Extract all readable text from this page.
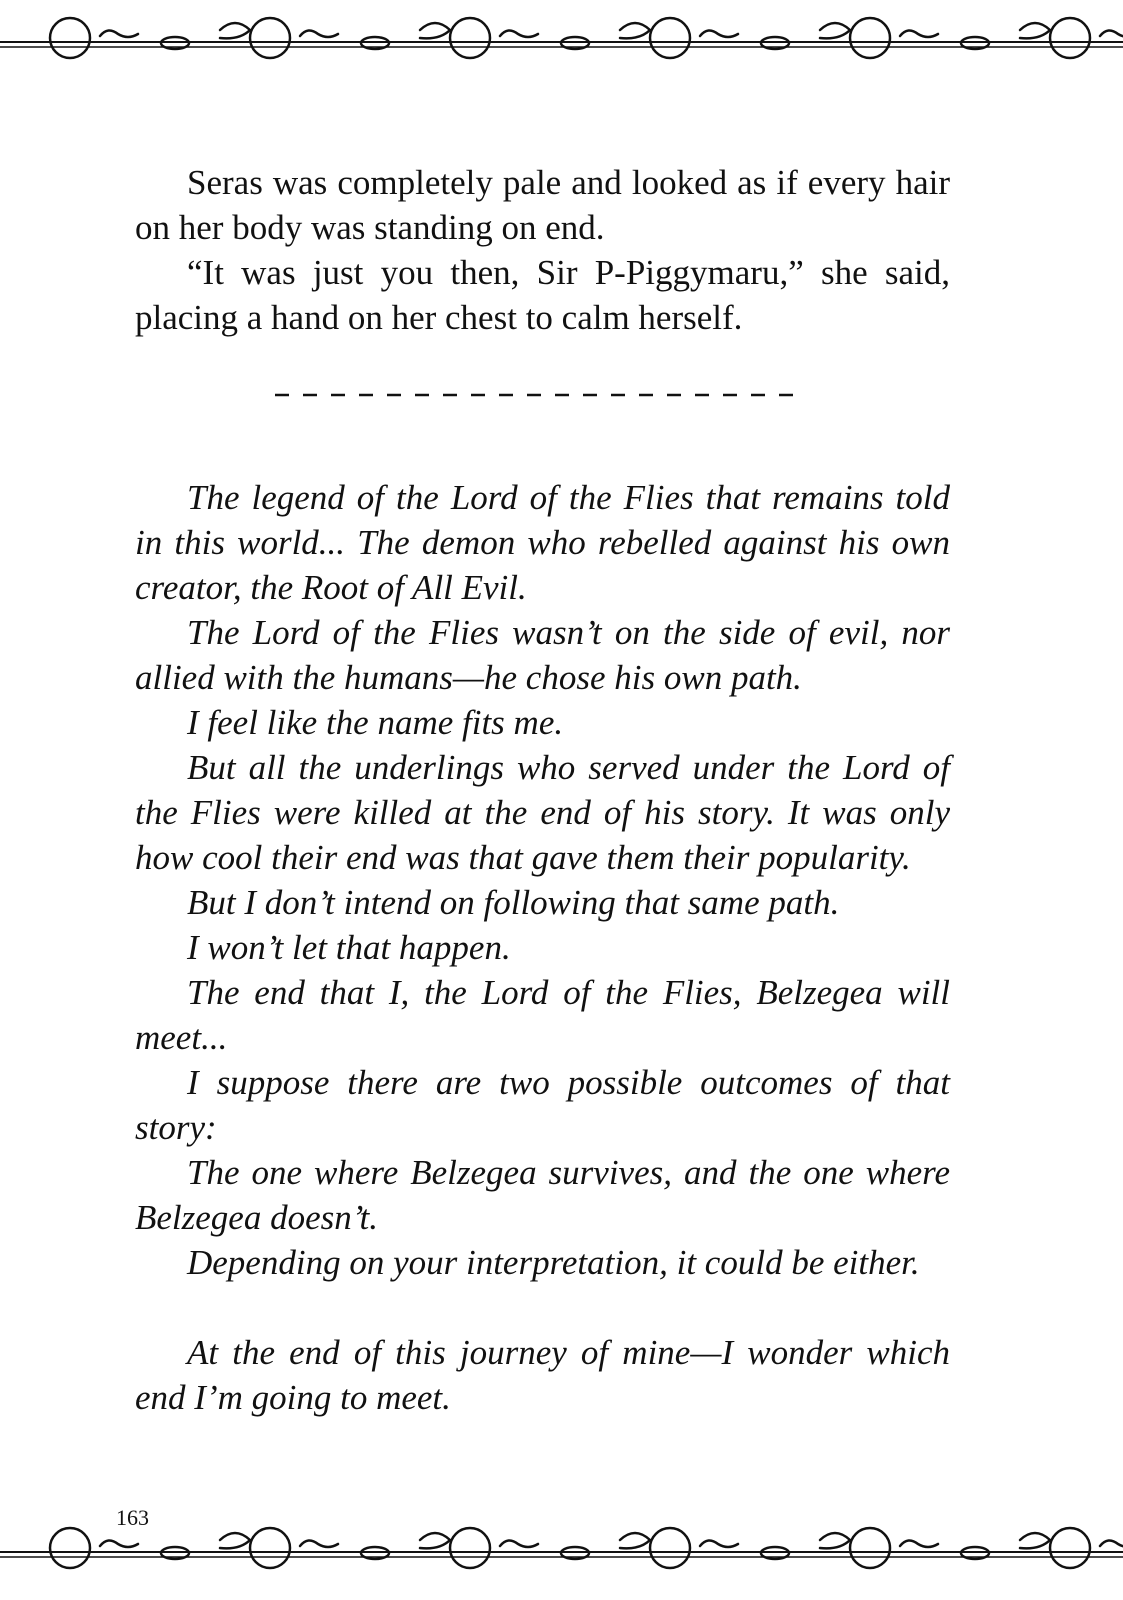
Seras was completely pale and looked as if every hair on her body was standing on end.

“It was just you then, Sir P-Piggymaru,” she said, placing a hand on her chest to calm herself.

The legend of the Lord of the Flies that remains told in this world... The demon who rebelled against his own creator, the Root of All Evil.

The Lord of the Flies wasn’t on the side of evil, nor allied with the humans—he chose his own path.

I feel like the name fits me.

But all the underlings who served under the Lord of the Flies were killed at the end of his story. It was only how cool their end was that gave them their popularity.

But I don’t intend on following that same path.

I won’t let that happen.

The end that I, the Lord of the Flies, Belzegea will meet...

I suppose there are two possible outcomes of that story:

The one where Belzegea survives, and the one where Belzegea doesn’t.

Depending on your interpretation, it could be either.

At the end of this journey of mine—I wonder which end I’m going to meet.

163
